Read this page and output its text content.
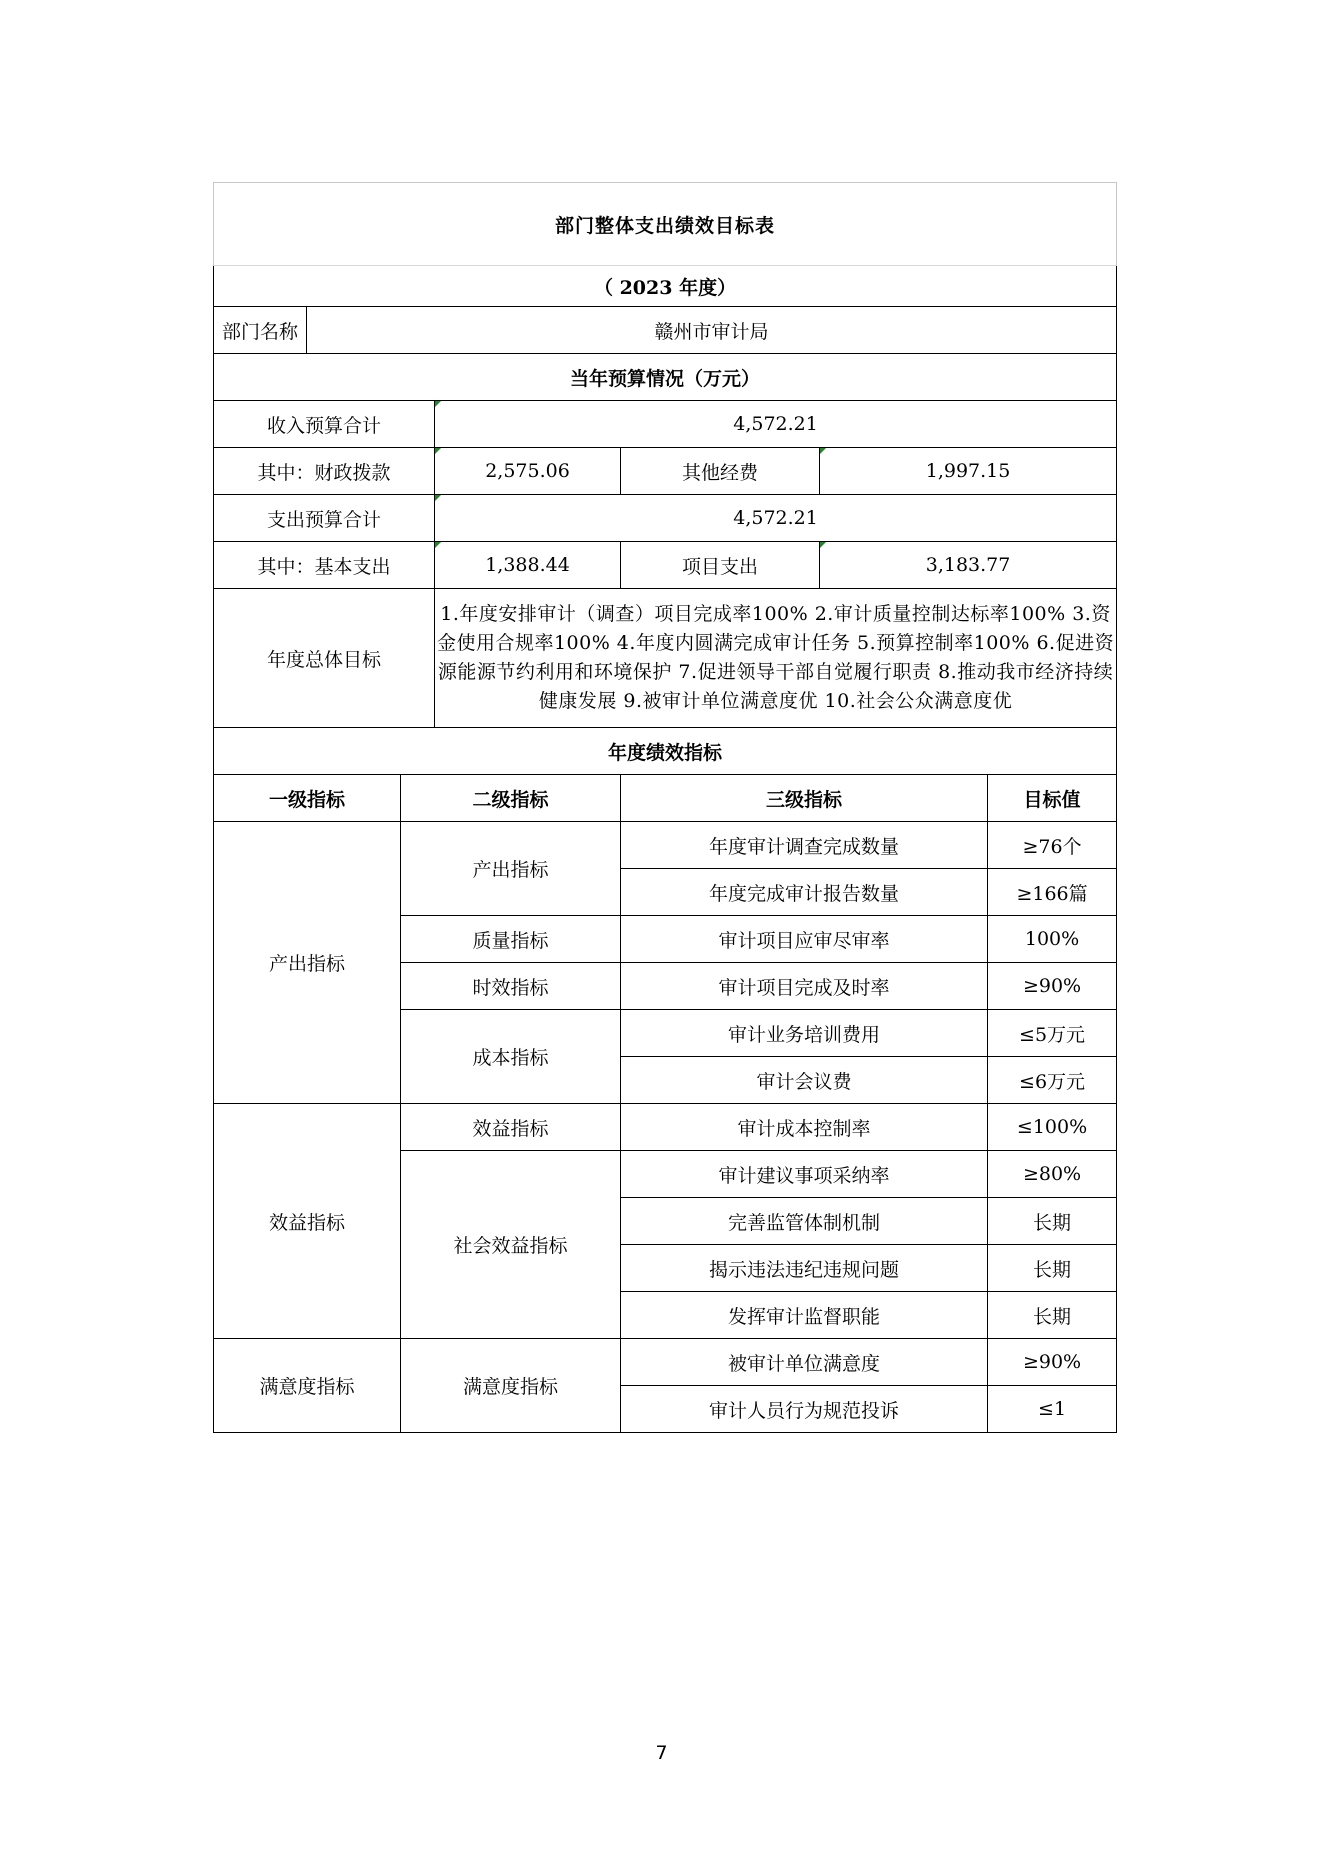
部门整体支出绩效目标表						
（ 2023 年度）						
部门名称	赣州市审计局					
当年预算情况（万元）						
收入预算合计			4,572.21			
其中：财政拨款			2,575.06	其他经费	1,997.15	
支出预算合计			4,572.21			
其中：基本支出			1,388.44	项目支出	3,183.77	
年度总体目标			1.年度安排审计（调查）项目完成率100% 2.审计质量控制达标率100% 3.资金使用合规率100% 4.年度内圆满完成审计任务 5.预算控制率100% 6.促进资源能源节约利用和环境保护 7.促进领导干部自觉履行职责 8.推动我市经济持续健康发展 9.被审计单位满意度优 10.社会公众满意度优			
年度绩效指标						
一级指标		二级指标		三级指标		目标值
产出指标		产出指标		年度审计调查完成数量		≥76个
				年度完成审计报告数量		≥166篇
		质量指标		审计项目应审尽审率		100%
		时效指标		审计项目完成及时率		≥90%
		成本指标		审计业务培训费用		≤5万元
				审计会议费		≤6万元
效益指标		效益指标		审计成本控制率		≤100%
		社会效益指标		审计建议事项采纳率		≥80%
				完善监管体制机制		长期
				揭示违法违纪违规问题		长期
				发挥审计监督职能		长期
满意度指标		满意度指标		被审计单位满意度		≥90%
				审计人员行为规范投诉		≤1
7
